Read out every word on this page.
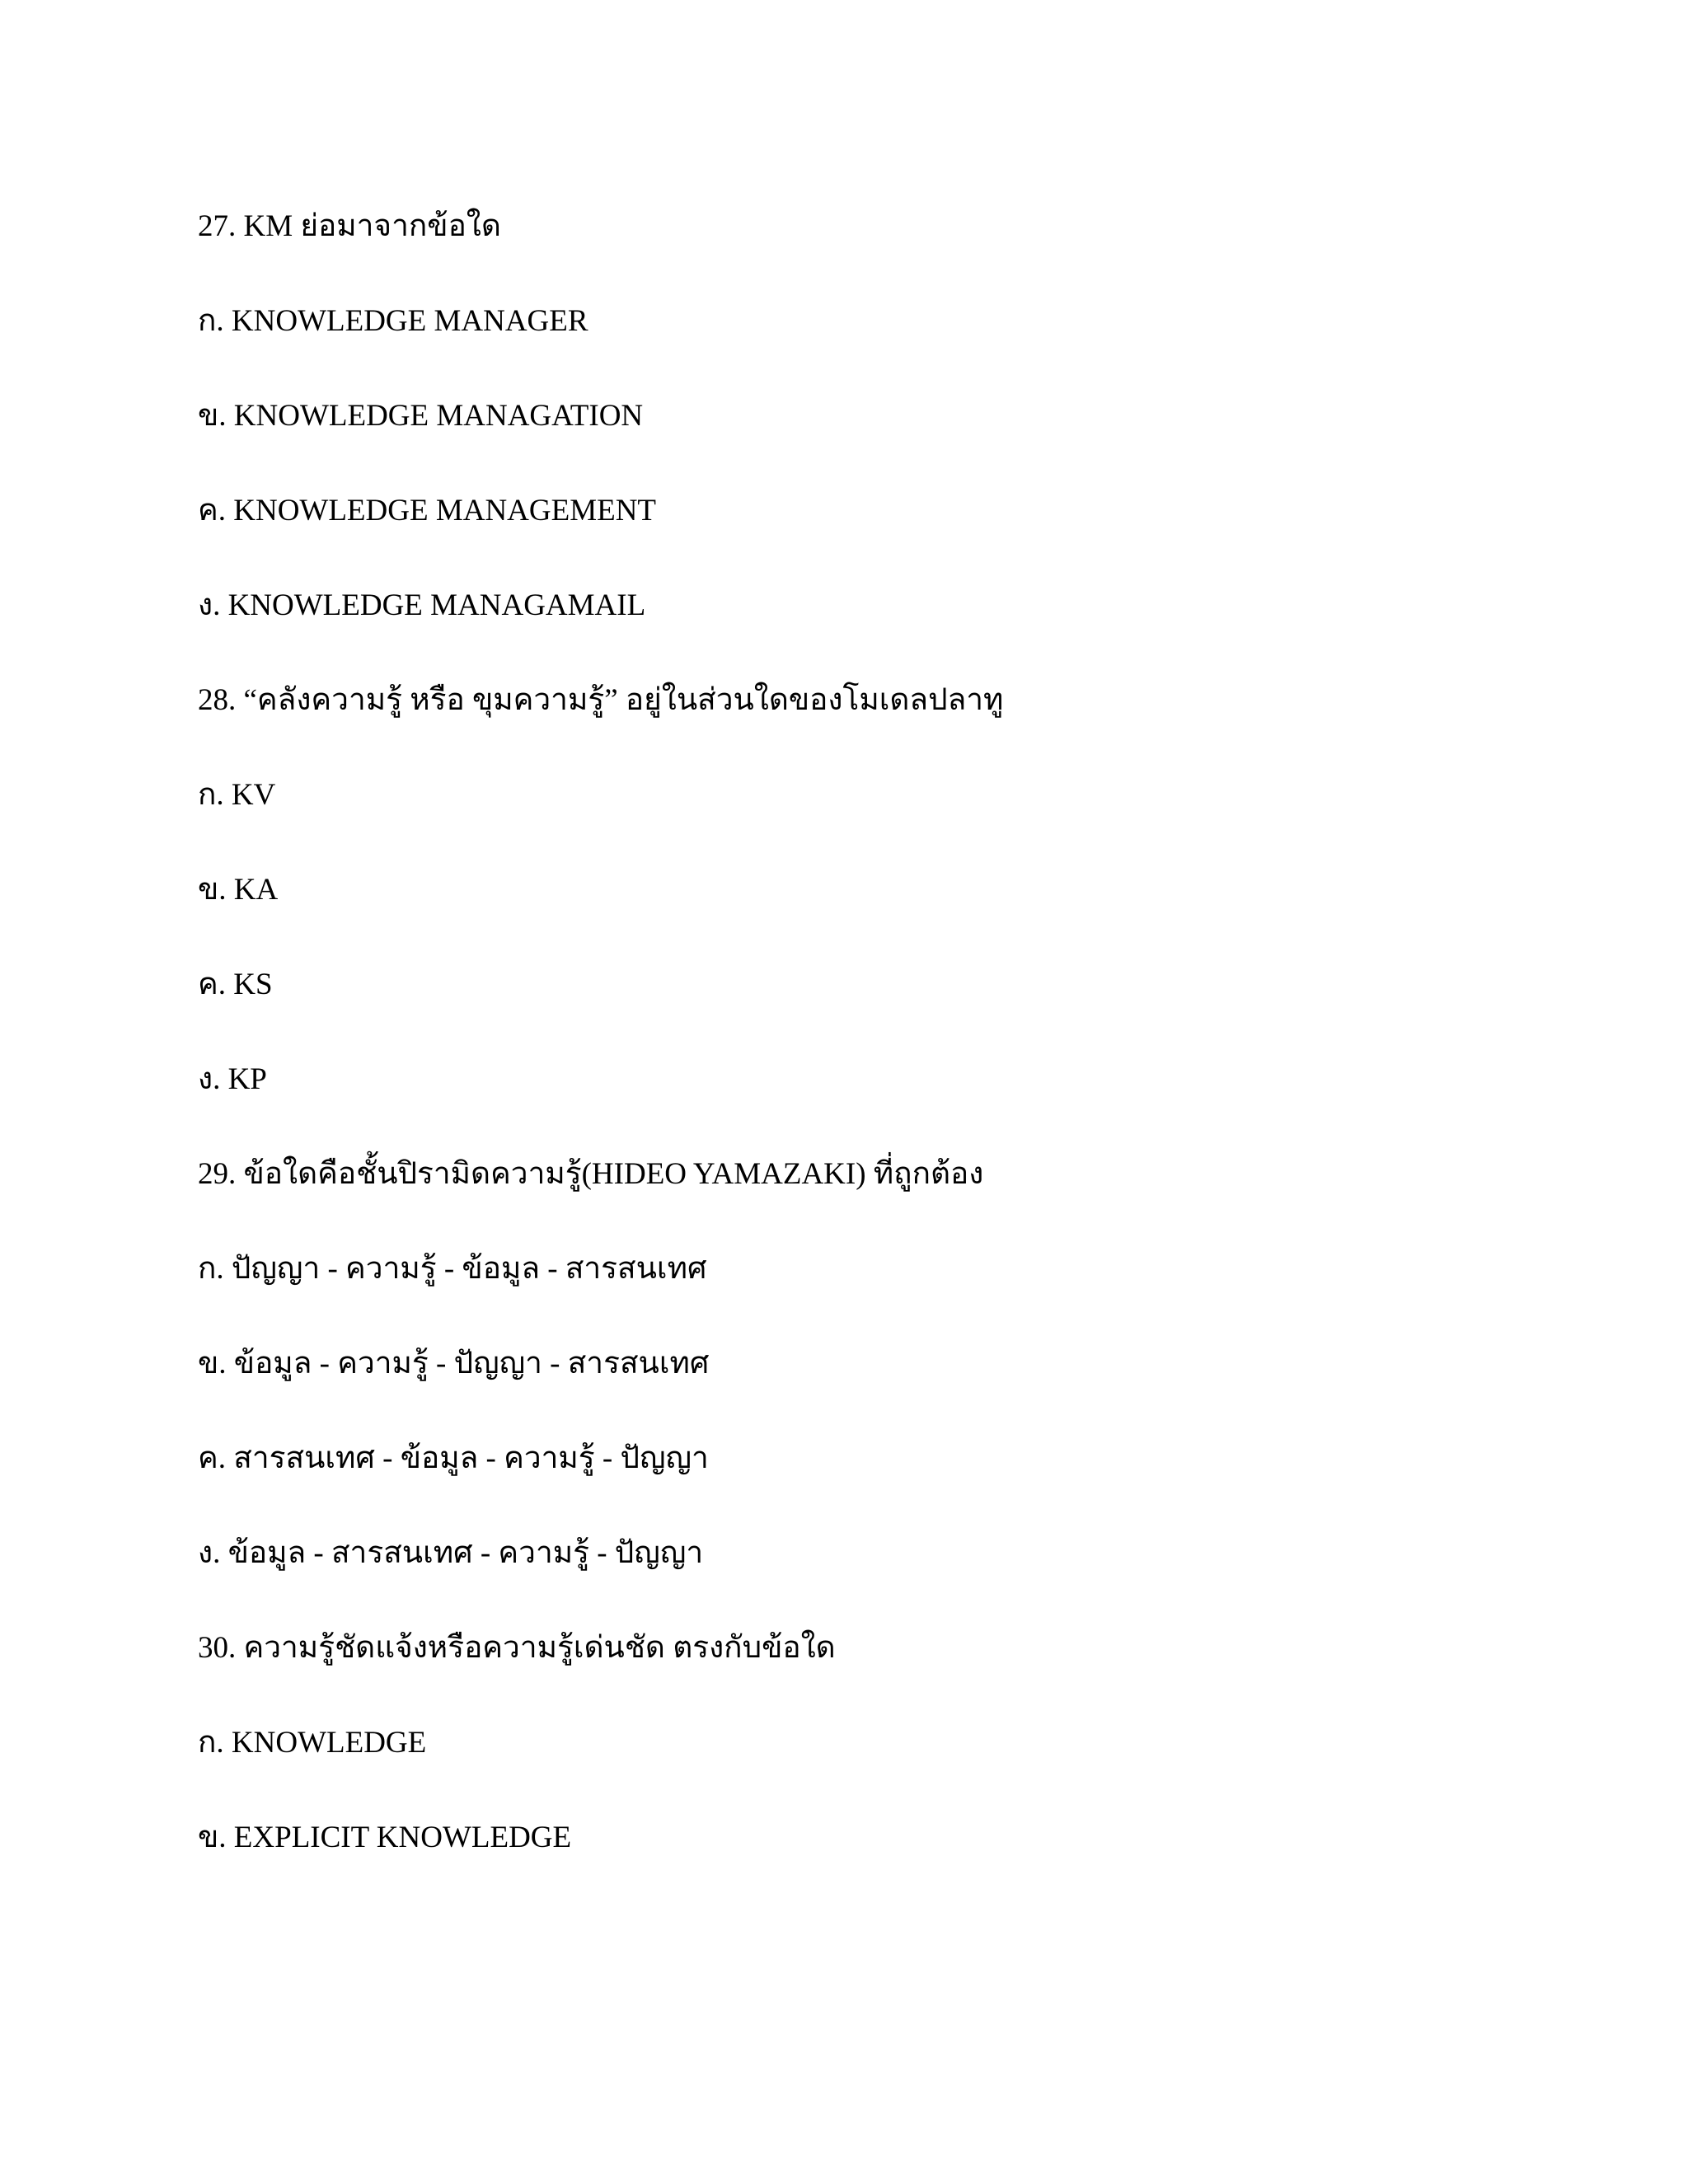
27. KM ย่อมาจากข้อใด

ก. KNOWLEDGE MANAGER

ข. KNOWLEDGE MANAGATION

ค. KNOWLEDGE MANAGEMENT

ง. KNOWLEDGE MANAGAMAIL

28. “คลังความรู้ หรือ ขุมความรู้” อยู่ในส่วนใดของโมเดลปลาทู

ก. KV

ข. KA

ค. KS

ง. KP

29. ข้อใดคือชั้นปิรามิดความรู้(HIDEO YAMAZAKI) ที่ถูกต้อง

ก. ปัญญา - ความรู้ - ข้อมูล - สารสนเทศ

ข. ข้อมูล - ความรู้ - ปัญญา - สารสนเทศ

ค. สารสนเทศ - ข้อมูล - ความรู้ - ปัญญา

ง. ข้อมูล - สารสนเทศ - ความรู้ - ปัญญา

30. ความรู้ชัดแจ้งหรือความรู้เด่นชัด ตรงกับข้อใด

ก. KNOWLEDGE

ข. EXPLICIT KNOWLEDGE
